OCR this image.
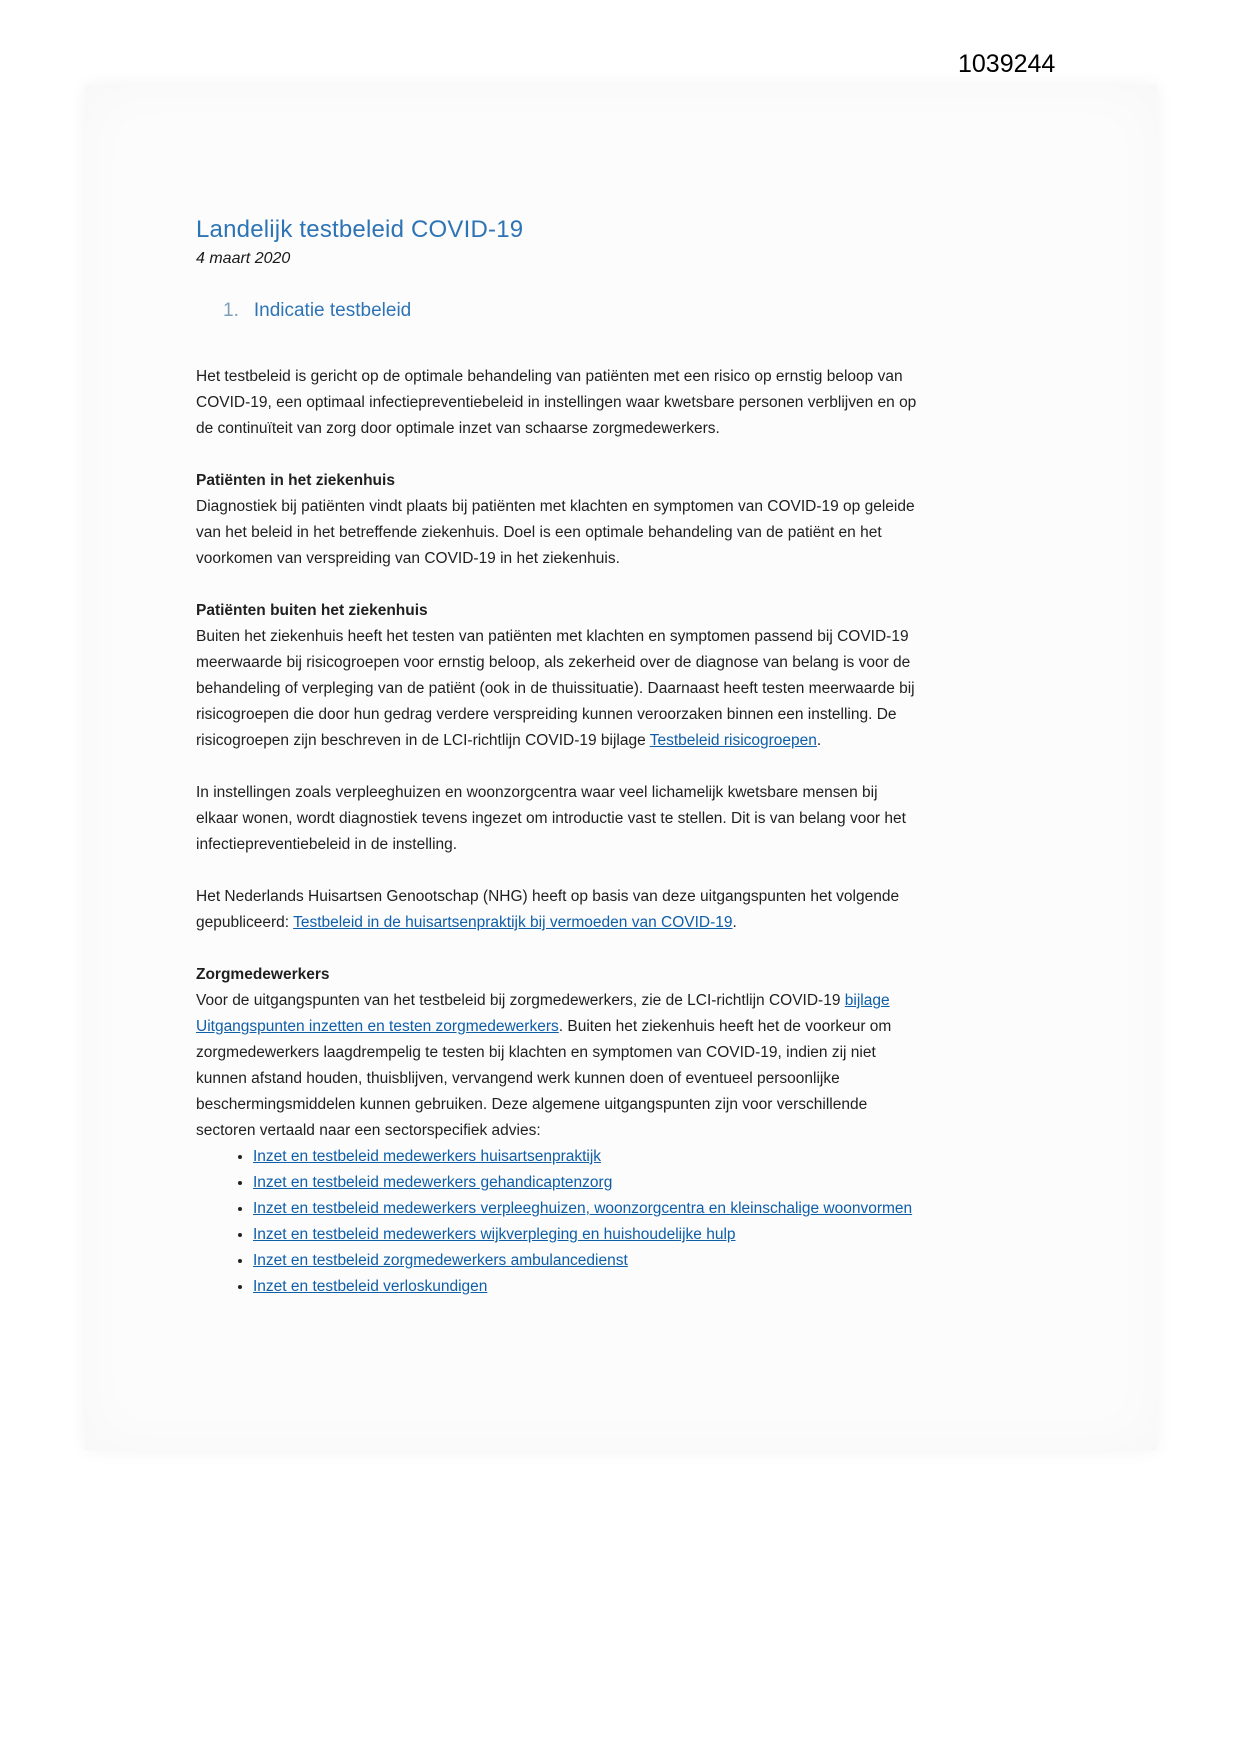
1039244
Landelijk testbeleid COVID-19

4 maart 2020

1. Indicatie testbeleid

Het testbeleid is gericht op de optimale behandeling van patiënten met een risico op ernstig beloop van COVID-19, een optimaal infectiepreventiebeleid in instellingen waar kwetsbare personen verblijven en op de continuïteit van zorg door optimale inzet van schaarse zorgmedewerkers.

Patiënten in het ziekenhuis

Diagnostiek bij patiënten vindt plaats bij patiënten met klachten en symptomen van COVID-19 op geleide van het beleid in het betreffende ziekenhuis. Doel is een optimale behandeling van de patiënt en het voorkomen van verspreiding van COVID-19 in het ziekenhuis.

Patiënten buiten het ziekenhuis

Buiten het ziekenhuis heeft het testen van patiënten met klachten en symptomen passend bij COVID-19 meerwaarde bij risicogroepen voor ernstig beloop, als zekerheid over de diagnose van belang is voor de behandeling of verpleging van de patiënt (ook in de thuissituatie). Daarnaast heeft testen meerwaarde bij risicogroepen die door hun gedrag verdere verspreiding kunnen veroorzaken binnen een instelling. De risicogroepen zijn beschreven in de LCI-richtlijn COVID-19 bijlage Testbeleid risicogroepen.

In instellingen zoals verpleeghuizen en woonzorgcentra waar veel lichamelijk kwetsbare mensen bij elkaar wonen, wordt diagnostiek tevens ingezet om introductie vast te stellen. Dit is van belang voor het infectiepreventiebeleid in de instelling.

Het Nederlands Huisartsen Genootschap (NHG) heeft op basis van deze uitgangspunten het volgende gepubliceerd: Testbeleid in de huisartsenpraktijk bij vermoeden van COVID-19.

Zorgmedewerkers

Voor de uitgangspunten van het testbeleid bij zorgmedewerkers, zie de LCI-richtlijn COVID-19 bijlage Uitgangspunten inzetten en testen zorgmedewerkers. Buiten het ziekenhuis heeft het de voorkeur om zorgmedewerkers laagdrempelig te testen bij klachten en symptomen van COVID-19, indien zij niet kunnen afstand houden, thuisblijven, vervangend werk kunnen doen of eventueel persoonlijke beschermingsmiddelen kunnen gebruiken. Deze algemene uitgangspunten zijn voor verschillende sectoren vertaald naar een sectorspecifiek advies:

• Inzet en testbeleid medewerkers huisartsenpraktijk
• Inzet en testbeleid medewerkers gehandicaptenzorg
• Inzet en testbeleid medewerkers verpleeghuizen, woonzorgcentra en kleinschalige woonvormen
• Inzet en testbeleid medewerkers wijkverpleging en huishoudelijke hulp
• Inzet en testbeleid zorgmedewerkers ambulancedienst
• Inzet en testbeleid verloskundigen
